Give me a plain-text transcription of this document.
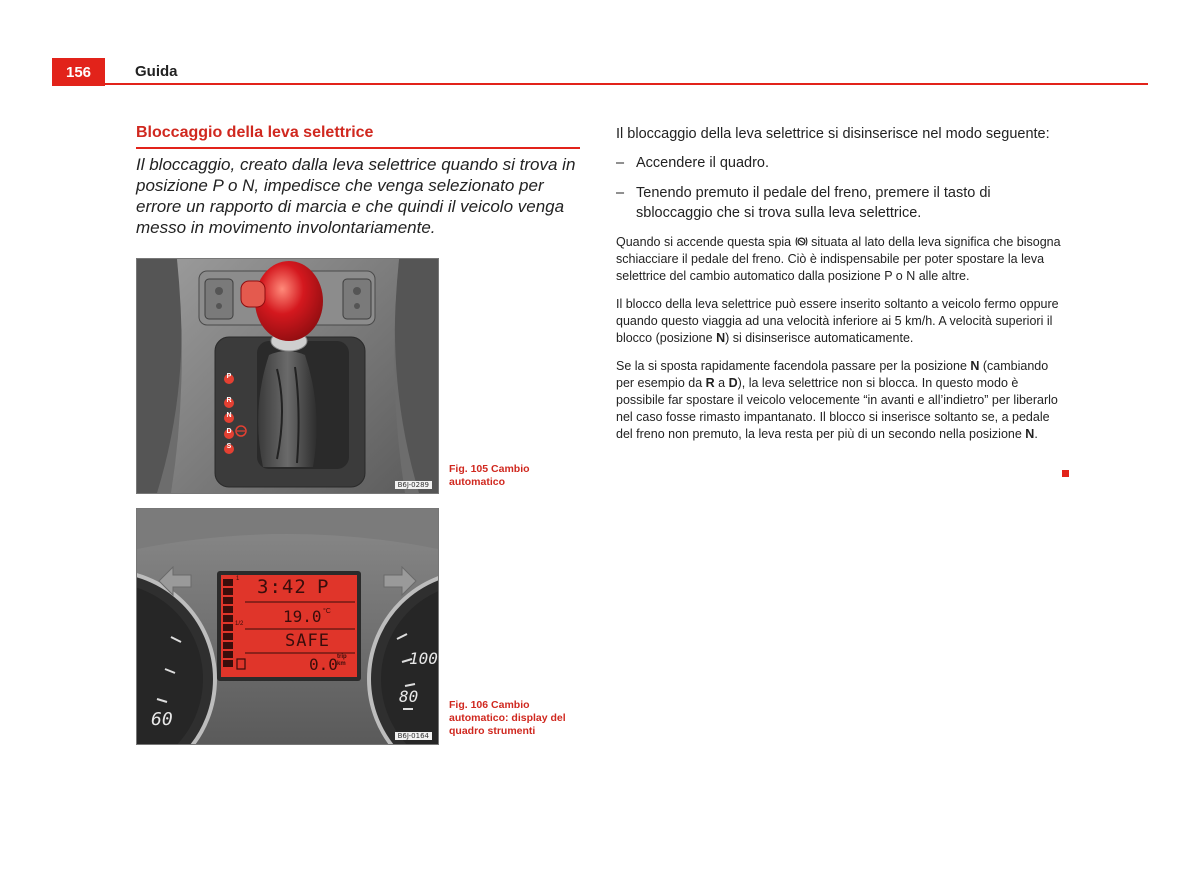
156	Guida
Bloccaggio della leva selettrice
Il bloccaggio, creato dalla leva selettrice quando si trova in posizione P o N, impedisce che venga selezionato per errore un rapporto di marcia e che quindi il veicolo venga messo in movimento involontariamente.
P
R
N
D
S
B6J-0289
Fig. 105 Cambio automatico
1
1/2
3:42 P
19.0 °C
SAFE
0.0 trip
km
60
100
80
B6J-0164
Fig. 106 Cambio automatico: display del quadro strumenti

Il bloccaggio della leva selettrice si disinserisce nel modo seguente:

– Accendere il quadro.
– Tenendo premuto il pedale del freno, premere il tasto di sbloccaggio che si trova sulla leva selettrice.

Quando si accende questa spia situata al lato della leva significa che bisogna schiacciare il pedale del freno. Ciò è indispensabile per poter spostare la leva selettrice del cambio automatico dalla posizione P o N alle altre.

Il blocco della leva selettrice può essere inserito soltanto a veicolo fermo oppure quando questo viaggia ad una velocità inferiore ai 5 km/h. A velocità superiori il blocco (posizione N) si disinserisce automaticamente.

Se la si sposta rapidamente facendola passare per la posizione N (cambiando per esempio da R a D), la leva selettrice non si blocca. In questo modo è possibile far spostare il veicolo velocemente “in avanti e all’indietro” per liberarlo nel caso fosse rimasto impantanato. Il blocco si inserisce soltanto se, a pedale del freno non premuto, la leva resta per più di un secondo nella posizione N.
